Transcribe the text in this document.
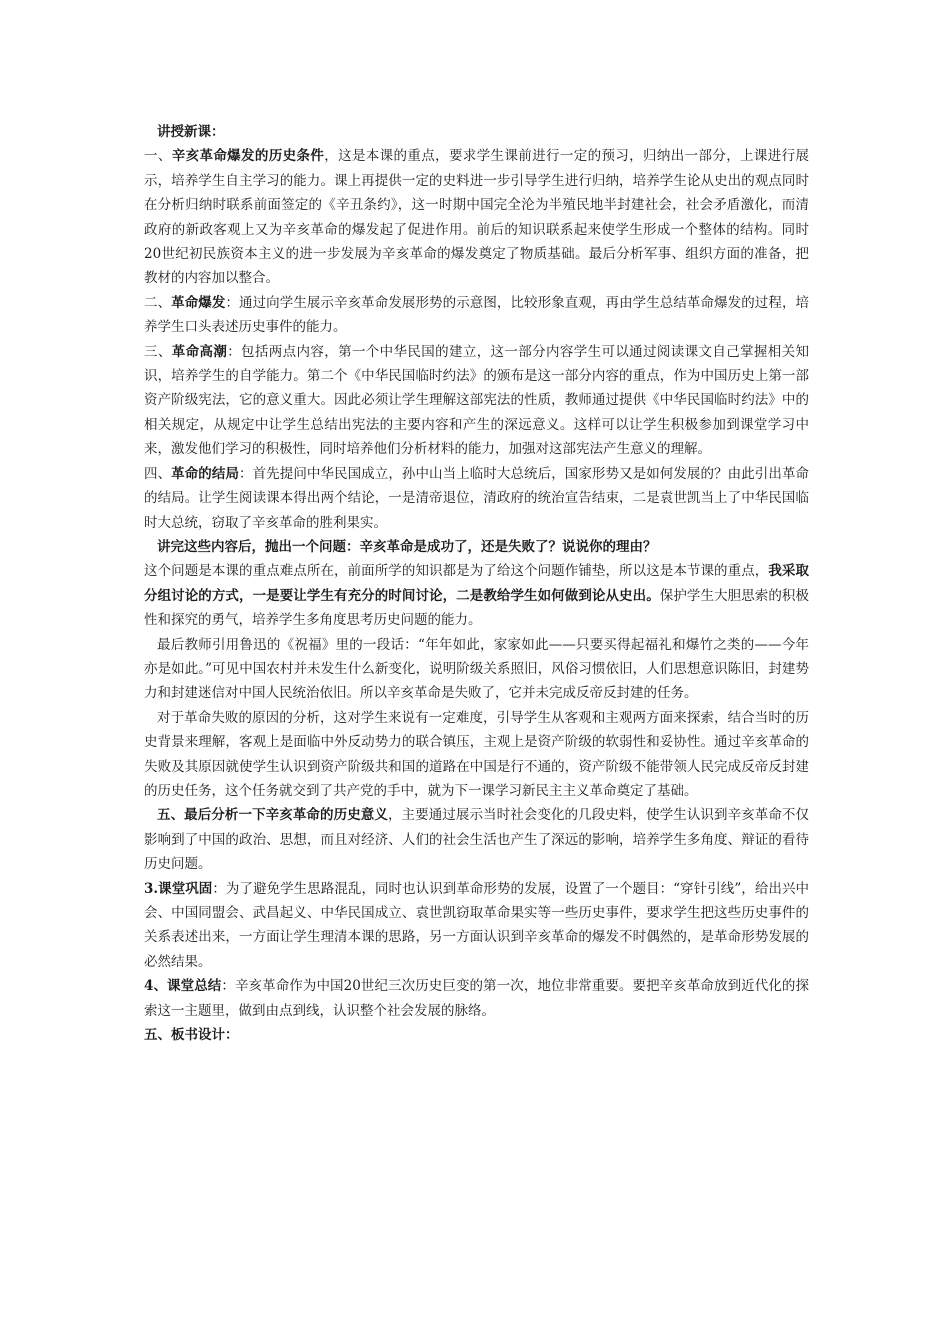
讲授新课：

一、辛亥革命爆发的历史条件，这是本课的重点，要求学生课前进行一定的预习，归纳出一部分，上课进行展示，培养学生自主学习的能力。课上再提供一定的史料进一步引导学生进行归纳，培养学生论从史出的观点同时在分析归纳时联系前面签定的《辛丑条约》，这一时期中国完全沦为半殖民地半封建社会，社会矛盾激化，而清政府的新政客观上又为辛亥革命的爆发起了促进作用。前后的知识联系起来使学生形成一个整体的结构。同时20世纪初民族资本主义的进一步发展为辛亥革命的爆发奠定了物质基础。最后分析军事、组织方面的准备，把教材的内容加以整合。

二、革命爆发：通过向学生展示辛亥革命发展形势的示意图，比较形象直观，再由学生总结革命爆发的过程，培养学生口头表述历史事件的能力。

三、革命高潮：包括两点内容，第一个中华民国的建立，这一部分内容学生可以通过阅读课文自己掌握相关知识，培养学生的自学能力。第二个《中华民国临时约法》的颁布是这一部分内容的重点，作为中国历史上第一部资产阶级宪法，它的意义重大。因此必须让学生理解这部宪法的性质，教师通过提供《中华民国临时约法》中的相关规定，从规定中让学生总结出宪法的主要内容和产生的深远意义。这样可以让学生积极参加到课堂学习中来，激发他们学习的积极性，同时培养他们分析材料的能力，加强对这部宪法产生意义的理解。

四、革命的结局：首先提问中华民国成立，孙中山当上临时大总统后，国家形势又是如何发展的？由此引出革命的结局。让学生阅读课本得出两个结论，一是清帝退位，清政府的统治宣告结束，二是袁世凯当上了中华民国临时大总统，窃取了辛亥革命的胜利果实。

讲完这些内容后，抛出一个问题：辛亥革命是成功了，还是失败了？说说你的理由？

这个问题是本课的重点难点所在，前面所学的知识都是为了给这个问题作铺垫，所以这是本节课的重点，我采取分组讨论的方式，一是要让学生有充分的时间讨论，二是教给学生如何做到论从史出。保护学生大胆思索的积极性和探究的勇气，培养学生多角度思考历史问题的能力。

最后教师引用鲁迅的《祝福》里的一段话：“年年如此，家家如此——只要买得起福礼和爆竹之类的——今年亦是如此。”可见中国农村并未发生什么新变化，说明阶级关系照旧，风俗习惯依旧，人们思想意识陈旧，封建势力和封建迷信对中国人民统治依旧。所以辛亥革命是失败了，它并未完成反帝反封建的任务。

对于革命失败的原因的分析，这对学生来说有一定难度，引导学生从客观和主观两方面来探索，结合当时的历史背景来理解，客观上是面临中外反动势力的联合镇压，主观上是资产阶级的软弱性和妥协性。通过辛亥革命的失败及其原因就使学生认识到资产阶级共和国的道路在中国是行不通的，资产阶级不能带领人民完成反帝反封建的历史任务，这个任务就交到了共产党的手中，就为下一课学习新民主主义革命奠定了基础。

五、最后分析一下辛亥革命的历史意义，主要通过展示当时社会变化的几段史料，使学生认识到辛亥革命不仅影响到了中国的政治、思想，而且对经济、人们的社会生活也产生了深远的影响，培养学生多角度、辩证的看待历史问题。

3.课堂巩固：为了避免学生思路混乱，同时也认识到革命形势的发展，设置了一个题目：“穿针引线”，给出兴中会、中国同盟会、武昌起义、中华民国成立、袁世凯窃取革命果实等一些历史事件，要求学生把这些历史事件的关系表述出来，一方面让学生理清本课的思路，另一方面认识到辛亥革命的爆发不时偶然的，是革命形势发展的必然结果。

4、课堂总结：辛亥革命作为中国20世纪三次历史巨变的第一次，地位非常重要。要把辛亥革命放到近代化的探索这一主题里，做到由点到线，认识整个社会发展的脉络。

五、板书设计：
